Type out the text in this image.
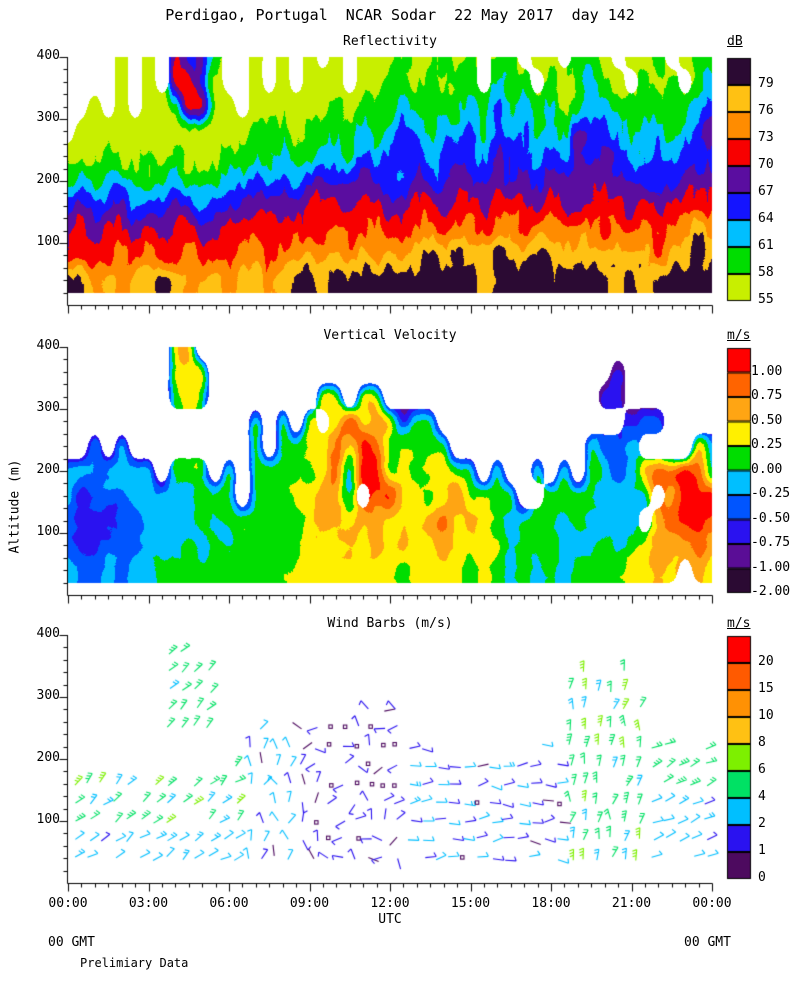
Perdigao, Portugal  NCAR Sodar  22 May 2017  day 142
Reflectivity	dB
Vertical Velocity	m/s
Wind Barbs (m/s)	m/s
UTC
00 GMT	00 GMT
Prelimiary Data
Altitude (m)
400
300
200
100
400
300
200
100
400
300
200
100
00:00	03:00	06:00	09:00	12:00	15:00	18:00	21:00	00:00
79
76
73
70
67
64
61
58
55
1.00
0.75
0.50
0.25
0.00
-0.25
-0.50
-0.75
-1.00
-2.00
20
15
10
8
6
4
2
1
0
